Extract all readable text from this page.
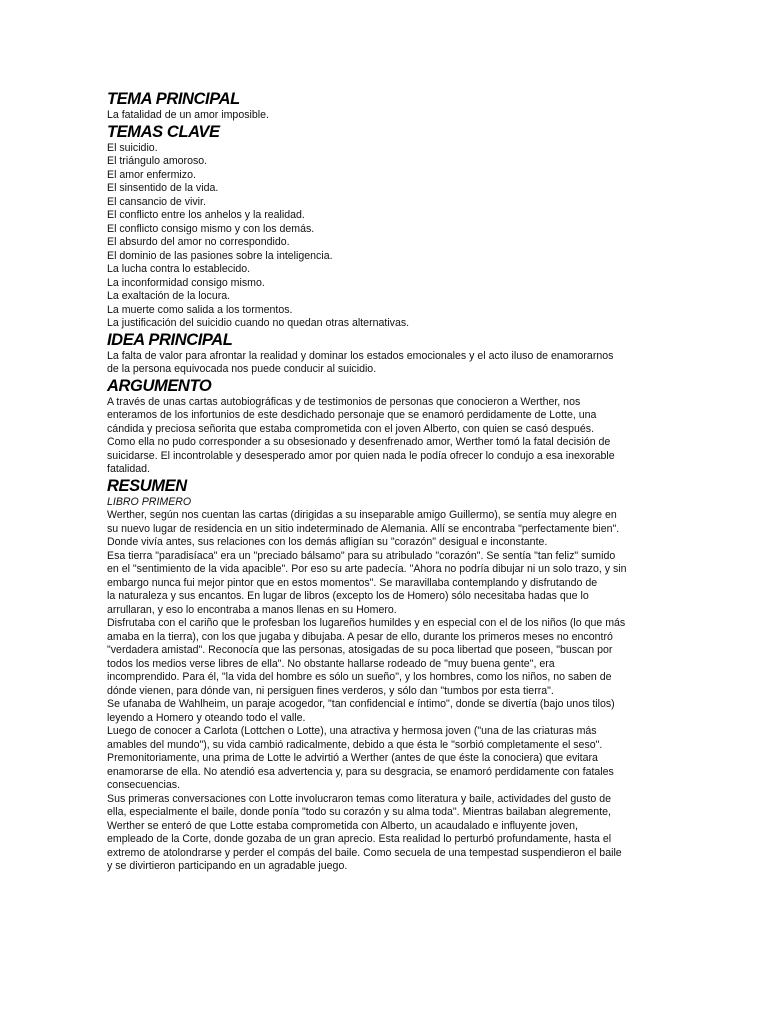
TEMA PRINCIPAL
La fatalidad de un amor imposible.
TEMAS CLAVE
El suicidio.
El triángulo amoroso.
El amor enfermizo.
El sinsentido de la vida.
El cansancio de vivir.
El conflicto entre los anhelos y la realidad.
El conflicto consigo mismo y con los demás.
El absurdo del amor no correspondido.
El dominio de las pasiones sobre la inteligencia.
La lucha contra lo establecido.
La inconformidad consigo mismo.
La exaltación de la locura.
La muerte como salida a los tormentos.
La justificación del suicidio cuando no quedan otras alternativas.
IDEA PRINCIPAL
La falta de valor para afrontar la realidad y dominar los estados emocionales y el acto iluso de enamorarnos
de la persona equivocada nos puede conducir al suicidio.
ARGUMENTO
A través de unas cartas autobiográficas y de testimonios de personas que conocieron a Werther, nos
enteramos de los infortunios de este desdichado personaje que se enamoró perdidamente de Lotte, una
cándida y preciosa señorita que estaba comprometida con el joven Alberto, con quien se casó después.
Como ella no pudo corresponder a su obsesionado y desenfrenado amor, Werther tomó la fatal decisión de
suicidarse. El incontrolable y desesperado amor por quien nada le podía ofrecer lo condujo a esa inexorable
fatalidad.
RESUMEN
LIBRO PRIMERO
Werther, según nos cuentan las cartas (dirigidas a su inseparable amigo Guillermo), se sentía muy alegre en
su nuevo lugar de residencia en un sitio indeterminado de Alemania. Allí se encontraba "perfectamente bien".
Donde vivía antes, sus relaciones con los demás afligían su "corazón" desigual e inconstante.
Esa tierra "paradisíaca" era un "preciado bálsamo" para su atribulado "corazón". Se sentía "tan feliz" sumido
en el "sentimiento de la vida apacible". Por eso su arte padecía. "Ahora no podría dibujar ni un solo trazo, y sin
embargo nunca fui mejor pintor que en estos momentos". Se maravillaba contemplando y disfrutando de
la naturaleza y sus encantos. En lugar de libros (excepto los de Homero) sólo necesitaba hadas que lo
arrullaran, y eso lo encontraba a manos llenas en su Homero.
Disfrutaba con el cariño que le profesban los lugareños humildes y en especial con el de los niños (lo que más
amaba en la tierra), con los que jugaba y dibujaba. A pesar de ello, durante los primeros meses no encontró
"verdadera amistad". Reconocía que las personas, atosigadas de su poca libertad que poseen, "buscan por
todos los medios verse libres de ella". No obstante hallarse rodeado de "muy buena gente", era
incomprendido. Para él, "la vida del hombre es sólo un sueño", y los hombres, como los niños, no saben de
dónde vienen, para dónde van, ni persiguen fines verderos, y sólo dan "tumbos por esta tierra".
Se ufanaba de Wahlheim, un paraje acogedor, "tan confidencial e íntimo", donde se divertía (bajo unos tilos)
leyendo a Homero y oteando todo el valle.
Luego de conocer a Carlota (Lottchen o Lotte), una atractiva y hermosa joven ("una de las criaturas más
amables del mundo"), su vida cambió radicalmente, debido a que ésta le "sorbió completamente el seso".
Premonitoriamente, una prima de Lotte le advirtió a Werther (antes de que éste la conociera) que evitara
enamorarse de ella. No atendió esa advertencia y, para su desgracia, se enamoró perdidamente con fatales
consecuencias.
Sus primeras conversaciones con Lotte involucraron temas como literatura y baile, actividades del gusto de
ella, especialmente el baile, donde ponía "todo su corazón y su alma toda". Mientras bailaban alegremente,
Werther se enteró de que Lotte estaba comprometida con Alberto, un acaudalado e influyente joven,
empleado de la Corte, donde gozaba de un gran aprecio. Esta realidad lo perturbó profundamente, hasta el
extremo de atolondrarse y perder el compás del baile. Como secuela de una tempestad suspendieron el baile
y se divirtieron participando en un agradable juego.
